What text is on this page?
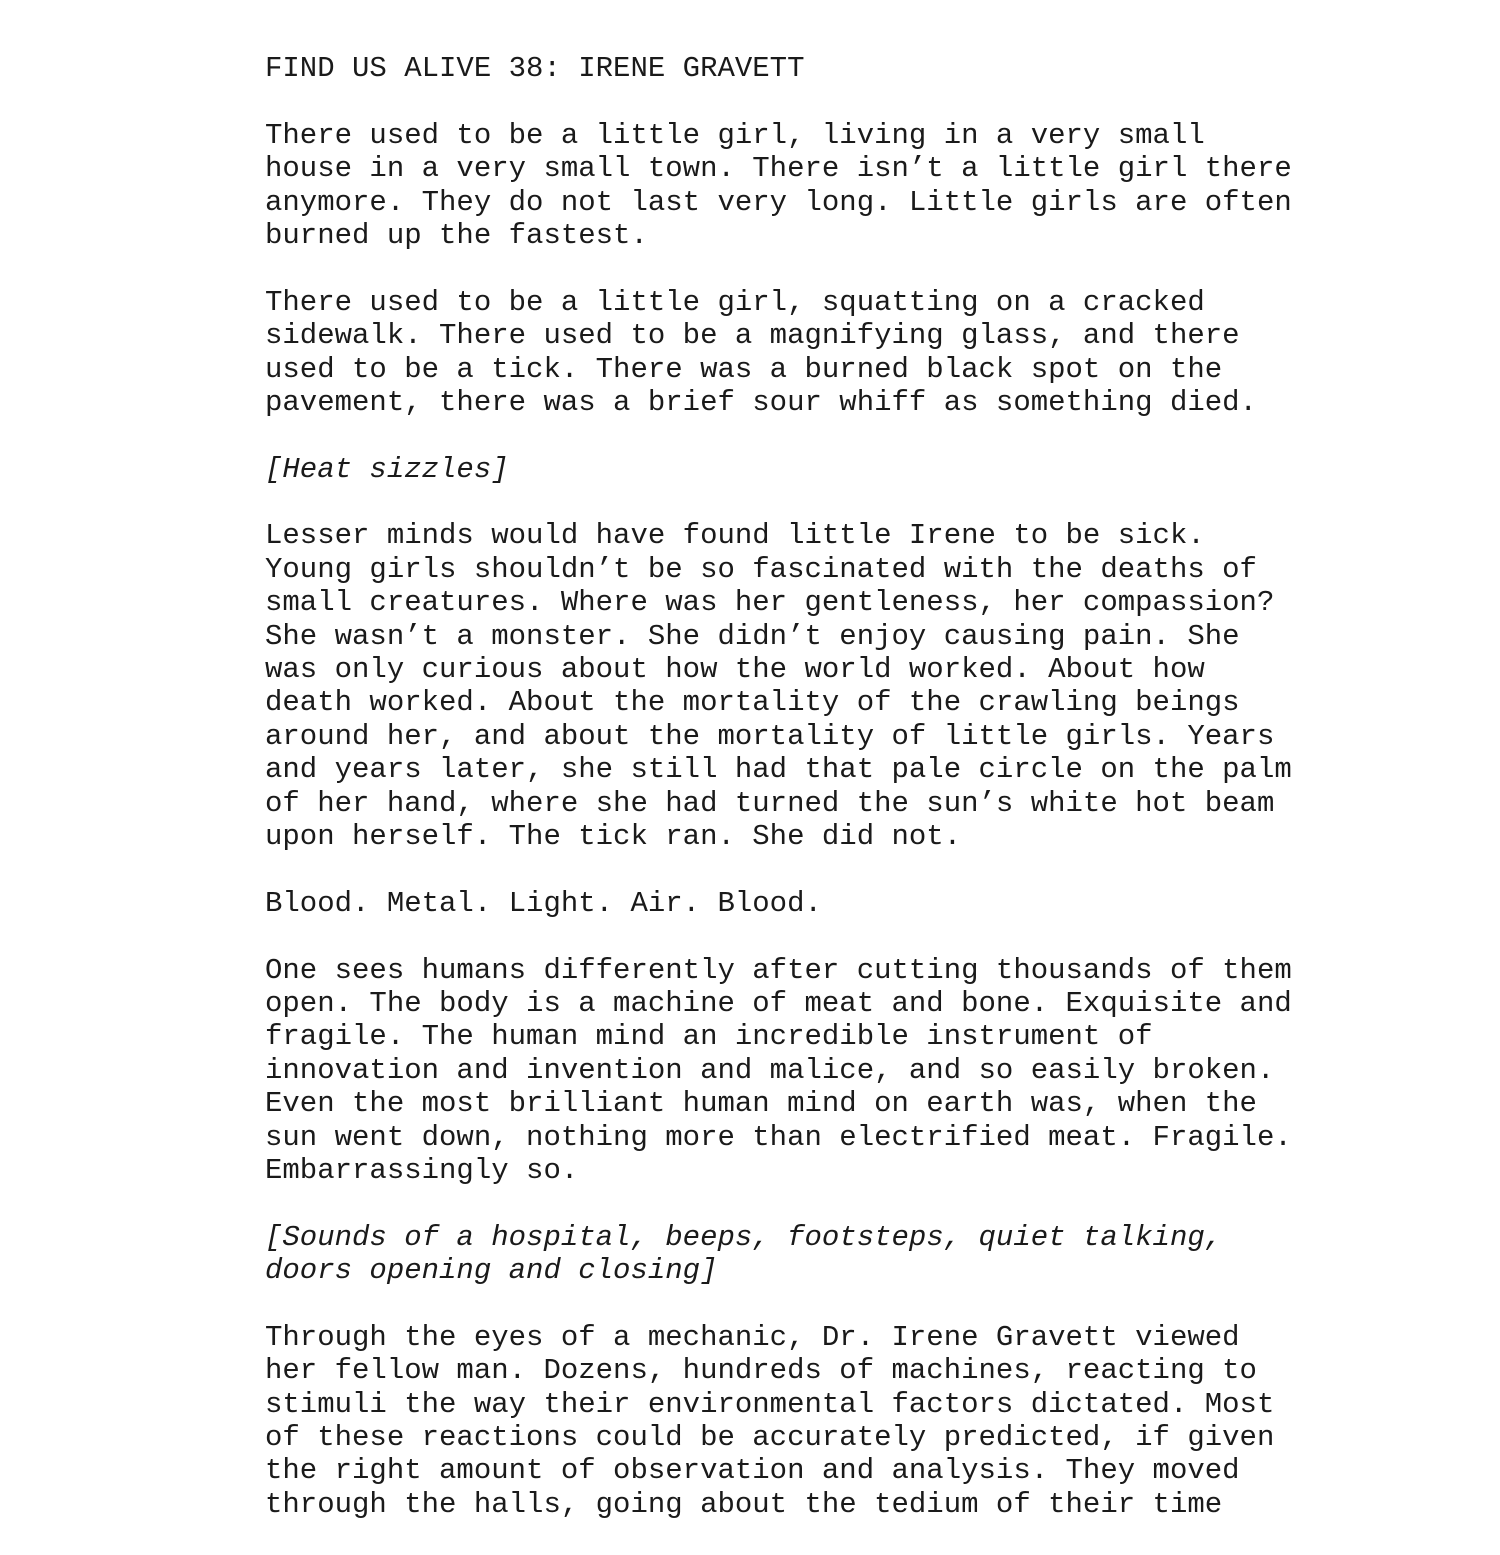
FIND US ALIVE 38: IRENE GRAVETT
There used to be a little girl, living in a very small
house in a very small town. There isn’t a little girl there
anymore. They do not last very long. Little girls are often
burned up the fastest.
There used to be a little girl, squatting on a cracked
sidewalk. There used to be a magnifying glass, and there
used to be a tick. There was a burned black spot on the
pavement, there was a brief sour whiff as something died.
[Heat sizzles]
Lesser minds would have found little Irene to be sick.
Young girls shouldn’t be so fascinated with the deaths of
small creatures. Where was her gentleness, her compassion?
She wasn’t a monster. She didn’t enjoy causing pain. She
was only curious about how the world worked. About how
death worked. About the mortality of the crawling beings
around her, and about the mortality of little girls. Years
and years later, she still had that pale circle on the palm
of her hand, where she had turned the sun’s white hot beam
upon herself. The tick ran. She did not.
Blood. Metal. Light. Air. Blood.
One sees humans differently after cutting thousands of them
open. The body is a machine of meat and bone. Exquisite and
fragile. The human mind an incredible instrument of
innovation and invention and malice, and so easily broken.
Even the most brilliant human mind on earth was, when the
sun went down, nothing more than electrified meat. Fragile.
Embarrassingly so.
[Sounds of a hospital, beeps, footsteps, quiet talking,
doors opening and closing]
Through the eyes of a mechanic, Dr. Irene Gravett viewed
her fellow man. Dozens, hundreds of machines, reacting to
stimuli the way their environmental factors dictated. Most
of these reactions could be accurately predicted, if given
the right amount of observation and analysis. They moved
through the halls, going about the tedium of their time
